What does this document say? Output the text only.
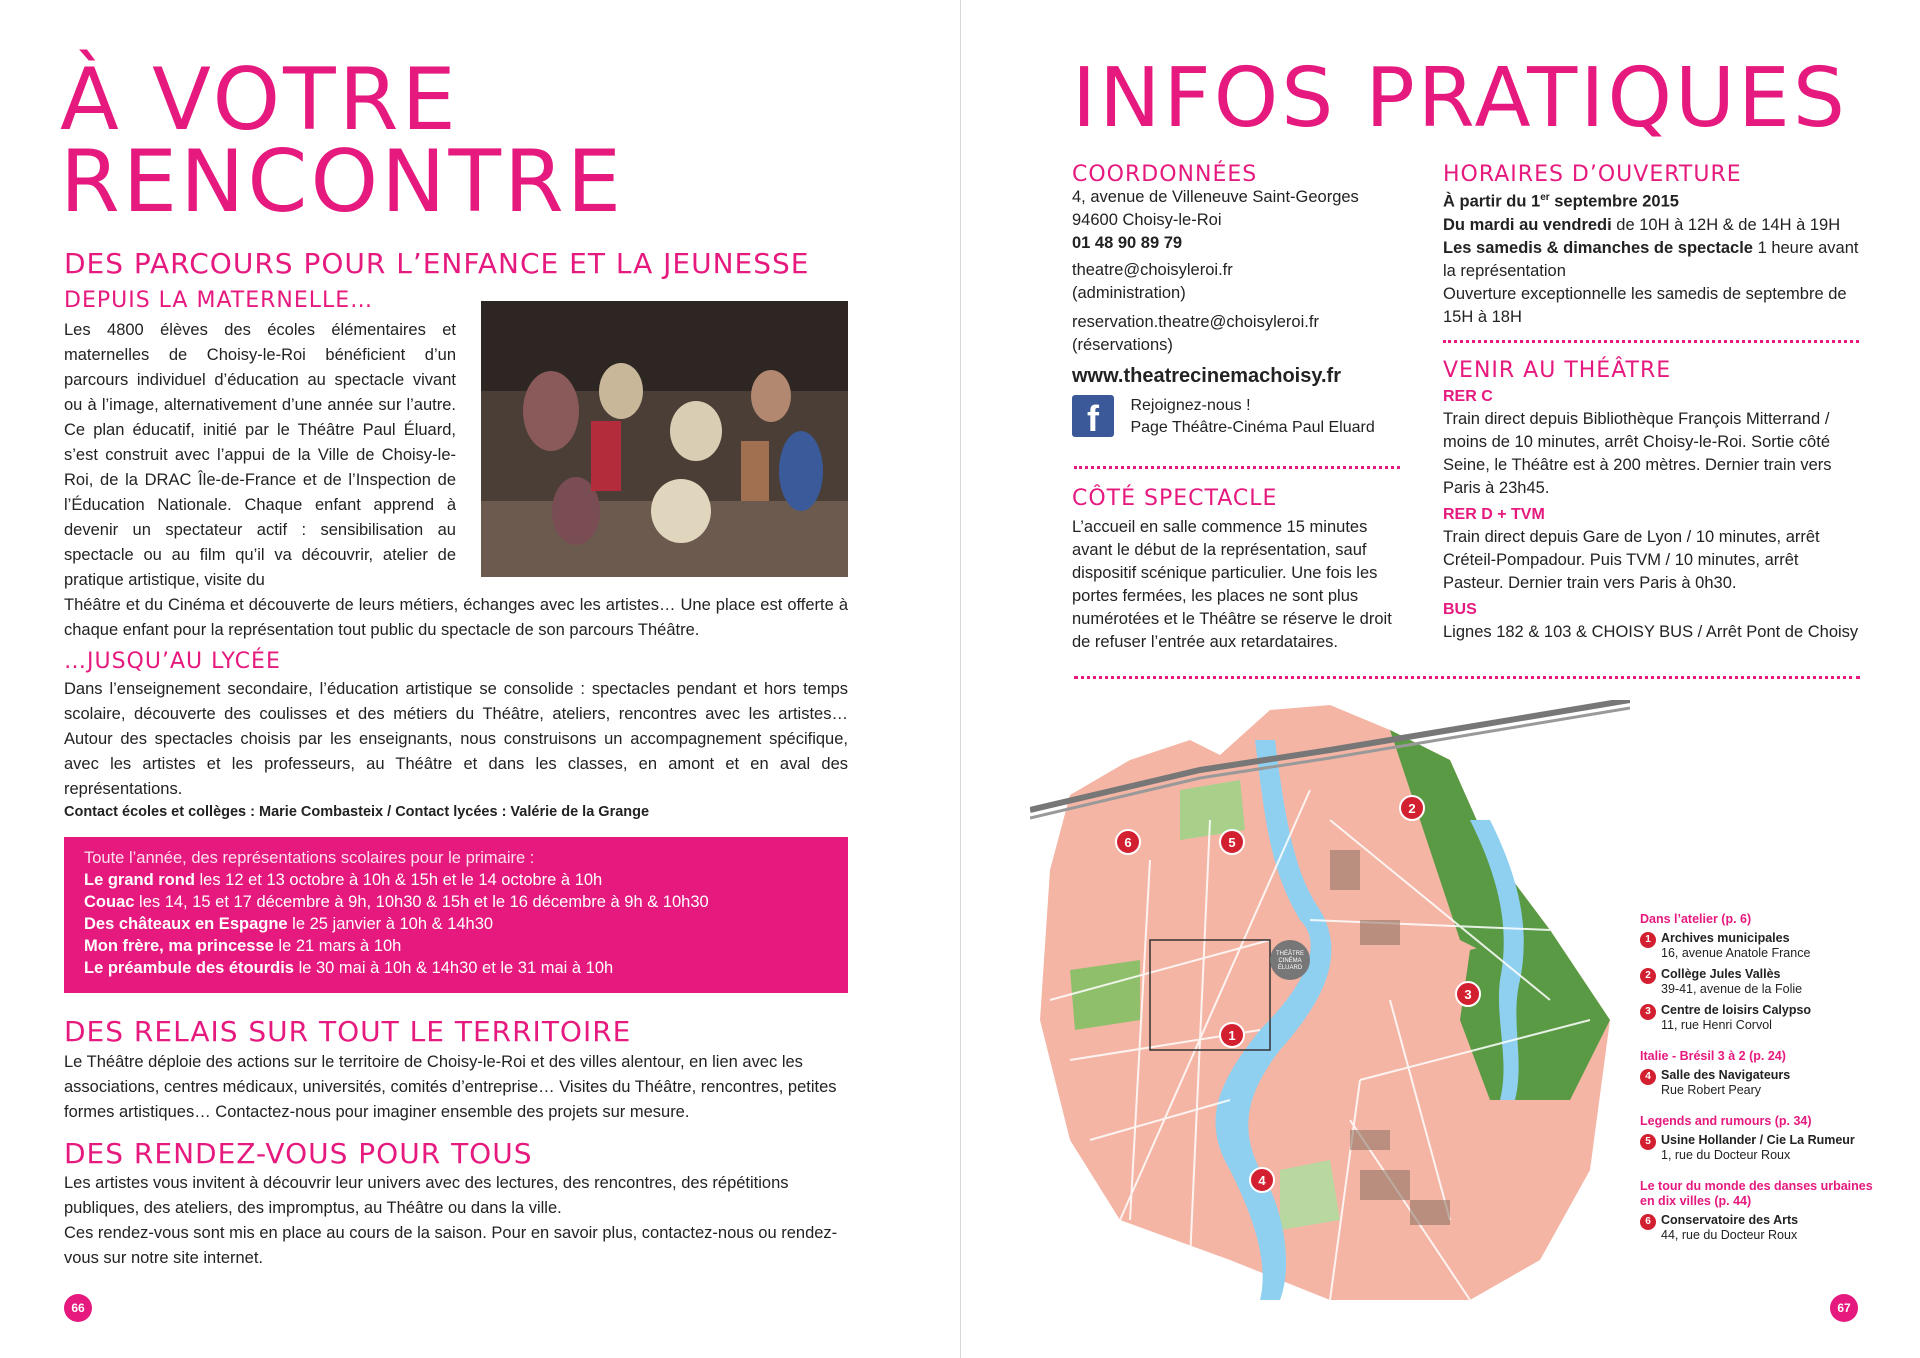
À VOTRE
RENCONTRE
DES PARCOURS POUR L’ENFANCE ET LA JEUNESSE
DEPUIS LA MATERNELLE…

Les 4800 élèves des écoles élémentaires et maternelles de Choisy-le-Roi bénéficient d’un parcours individuel d’éducation au spectacle vivant ou à l’image, alternativement d’une année sur l’autre. Ce plan éducatif, initié par le Théâtre Paul Éluard, s’est construit avec l’appui de la Ville de Choisy-le-Roi, de la DRAC Île-de-France et de l’Inspection de l’Éducation Nationale. Chaque enfant apprend à devenir un spectateur actif : sensibilisation au spectacle ou au film qu’il va découvrir, atelier de pratique artistique, visite du

Théâtre et du Cinéma et découverte de leurs métiers, échanges avec les artistes… Une place est offerte à chaque enfant pour la représentation tout public du spectacle de son parcours Théâtre.

…JUSQU’AU LYCÉE

Dans l’enseignement secondaire, l’éducation artistique se consolide : spectacles pendant et hors temps scolaire, découverte des coulisses et des métiers du Théâtre, ateliers, rencontres avec les artistes… Autour des spectacles choisis par les enseignants, nous construisons un accompagnement spécifique, avec les artistes et les professeurs, au Théâtre et dans les classes, en amont et en aval des représentations.

Contact écoles et collèges : Marie Combasteix / Contact lycées : Valérie de la Grange

Toute l’année, des représentations scolaires pour le primaire :
Le grand rond les 12 et 13 octobre à 10h & 15h et le 14 octobre à 10h
Couac les 14, 15 et 17 décembre à 9h, 10h30 & 15h et le 16 décembre à 9h & 10h30
Des châteaux en Espagne le 25 janvier à 10h & 14h30
Mon frère, ma princesse le 21 mars à 10h
Le préambule des étourdis le 30 mai à 10h & 14h30 et le 31 mai à 10h
DES RELAIS SUR TOUT LE TERRITOIRE

Le Théâtre déploie des actions sur le territoire de Choisy-le-Roi et des villes alentour, en lien avec les associations, centres médicaux, universités, comités d’entreprise… Visites du Théâtre, rencontres, petites formes artistiques… Contactez-nous pour imaginer ensemble des projets sur mesure.

DES RENDEZ-VOUS POUR TOUS

Les artistes vous invitent à découvrir leur univers avec des lectures, des rencontres, des répétitions publiques, des ateliers, des impromptus, au Théâtre ou dans la ville.

Ces rendez-vous sont mis en place au cours de la saison. Pour en savoir plus, contactez-nous ou rendez-vous sur notre site internet.

66
INFOS PRATIQUES
COORDONNÉES

4, avenue de Villeneuve Saint-Georges

94600 Choisy-le-Roi

01 48 90 89 79

theatre@choisyleroi.fr

(administration)

reservation.theatre@choisyleroi.fr

(réservations)

www.theatrecinemachoisy.fr

f Rejoignez-nous !
Page Théâtre-Cinéma Paul Eluard
CÔTÉ SPECTACLE

L’accueil en salle commence 15 minutes avant le début de la représentation, sauf dispositif scénique particulier. Une fois les portes fermées, les places ne sont plus numérotées et le Théâtre se réserve le droit de refuser l’entrée aux retardataires.

HORAIRES D’OUVERTURE

À partir du 1er septembre 2015

Du mardi au vendredi de 10H à 12H & de 14H à 19H

Les samedis & dimanches de spectacle 1 heure avant la représentation

Ouverture exceptionnelle les samedis de septembre de 15H à 18H

VENIR AU THÉÂTRE

RER C

Train direct depuis Bibliothèque François Mitterrand / moins de 10 minutes, arrêt Choisy-le-Roi. Sortie côté Seine, le Théâtre est à 200 mètres. Dernier train vers Paris à 23h45.

RER D + TVM

Train direct depuis Gare de Lyon / 10 minutes, arrêt Créteil-Pompadour. Puis TVM / 10 minutes, arrêt Pasteur. Dernier train vers Paris à 0h30.

BUS

Lignes 182 & 103 & CHOISY BUS / Arrêt Pont de Choisy

THÉÂTRE
CINÉMA
ÉLUARD
1
2
3
4
5
6
Dans l’atelier (p. 6)
1 Archives municipales
16, avenue Anatole France
2 Collège Jules Vallès
39-41, avenue de la Folie
3 Centre de loisirs Calypso
11, rue Henri Corvol
Italie - Brésil 3 à 2 (p. 24)
4 Salle des Navigateurs
Rue Robert Peary
Legends and rumours (p. 34)
5 Usine Hollander / Cie La Rumeur
1, rue du Docteur Roux
Le tour du monde des danses urbaines en dix villes (p. 44)
6 Conservatoire des Arts
44, rue du Docteur Roux
67
